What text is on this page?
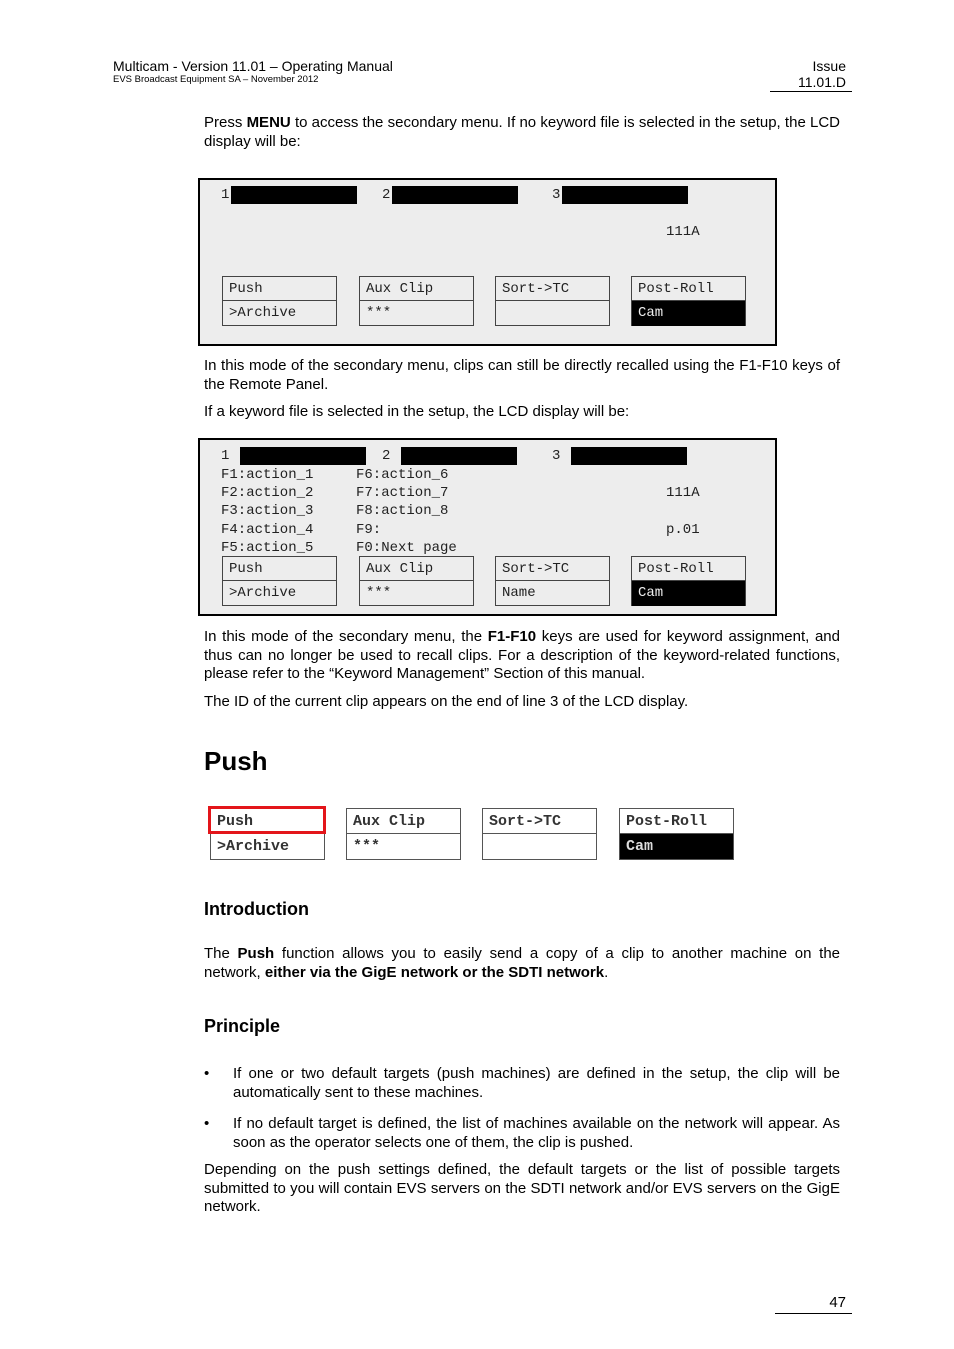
Multicam - Version 11.01 – Operating Manual
EVS Broadcast Equipment SA – November 2012
Issue
11.01.D
Press MENU to access the secondary menu. If no keyword file is selected in the setup, the LCD display will be:
1	2	3
111A
Push
>Archive
Aux Clip
***
Sort->TC	Post-Roll
Cam
In this mode of the secondary menu, clips can still be directly recalled using the F1-F10 keys of the Remote Panel.
If a keyword file is selected in the setup, the LCD display will be:
1	2	3
F1:action_1
F2:action_2
F3:action_3
F4:action_4
F5:action_5
F6:action_6
F7:action_7
F8:action_8
F9:
F0:Next page
111A
p.01
Push
>Archive
Aux Clip
***
Sort->TC
Name
Post-Roll
Cam
In this mode of the secondary menu, the F1-F10 keys are used for keyword assignment, and thus can no longer be used to recall clips. For a description of the keyword-related functions, please refer to the “Keyword Management” Section of this manual.
The ID of the current clip appears on the end of line 3 of the LCD display.
Push
Push
>Archive
Aux Clip
***
Sort->TC	Post-Roll
Cam
Introduction
The Push function allows you to easily send a copy of a clip to another machine on the network, either via the GigE network or the SDTI network.
Principle
• If one or two default targets (push machines) are defined in the setup, the clip will be automatically sent to these machines.
• If no default target is defined, the list of machines available on the network will appear. As soon as the operator selects one of them, the clip is pushed.
Depending on the push settings defined, the default targets or the list of possible targets submitted to you will contain EVS servers on the SDTI network and/or EVS servers on the GigE network.
47
